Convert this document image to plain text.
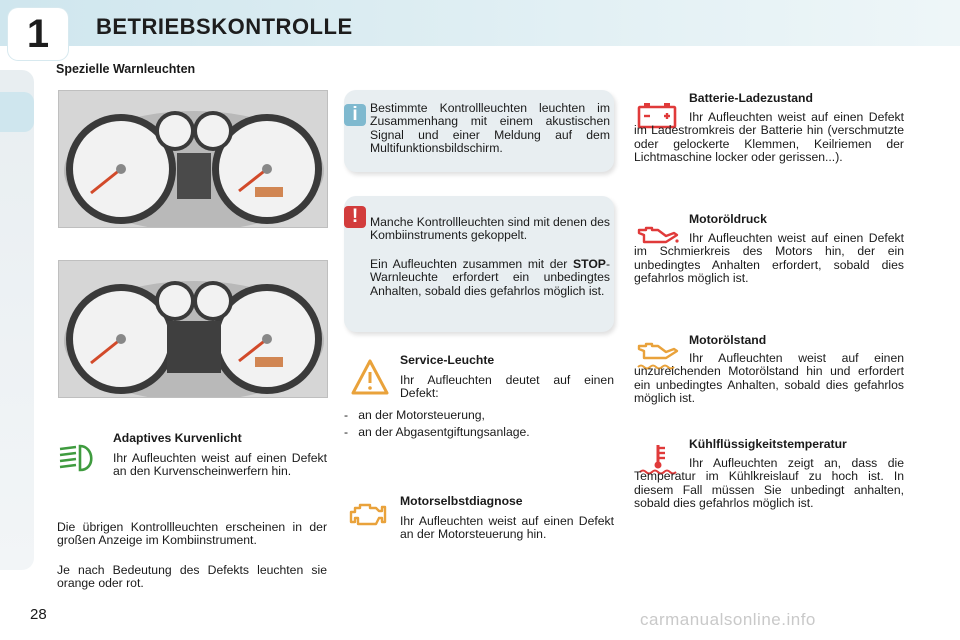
1 BETRIEBSKONTROLLE
Spezielle Warnleuchten
i	Bestimmte Kontrollleuchten leuchten im Zusammenhang mit einem akustischen Signal und einer Meldung auf dem Multifunktionsbildschirm.
! Manche Kontrollleuchten sind mit denen des Kombiinstruments gekoppelt.
Ein Aufleuchten zusammen mit der STOP-Warnleuchte erfordert ein unbedingtes Anhalten, sobald dies gefahrlos möglich ist.
Service-Leuchte
Ihr Aufleuchten deutet auf einen Defekt:
-   an der Motorsteuerung,
-   an der Abgasentgiftungsanlage.
Adaptives Kurvenlicht
Ihr Aufleuchten weist auf einen Defekt an den Kurvenscheinwerfern hin.
Die übrigen Kontrollleuchten erscheinen in der großen Anzeige im Kombiinstrument.
Je nach Bedeutung des Defekts leuchten sie orange oder rot.
Motorselbstdiagnose
Ihr Aufleuchten weist auf einen Defekt an der Motorsteuerung hin.
Batterie-Ladezustand
Ihr Aufleuchten weist auf einen Defekt im Ladestromkreis der Batterie hin (verschmutzte oder gelockerte Klemmen, Keilriemen der Lichtmaschine locker oder gerissen...).
Motoröldruck
Ihr Aufleuchten weist auf einen Defekt im Schmierkreis des Motors hin, der ein unbedingtes Anhalten erfordert, sobald dies gefahrlos möglich ist.
Motorölstand
Ihr Aufleuchten weist auf einen unzureichenden Motorölstand hin und erfordert ein unbedingtes Anhalten, sobald dies gefahrlos möglich ist.
Kühlflüssigkeitstemperatur
Ihr Aufleuchten zeigt an, dass die Temperatur im Kühlkreislauf zu hoch ist. In diesem Fall müssen Sie unbedingt anhalten, sobald dies gefahrlos möglich ist.
28	carmanualsonline.info
